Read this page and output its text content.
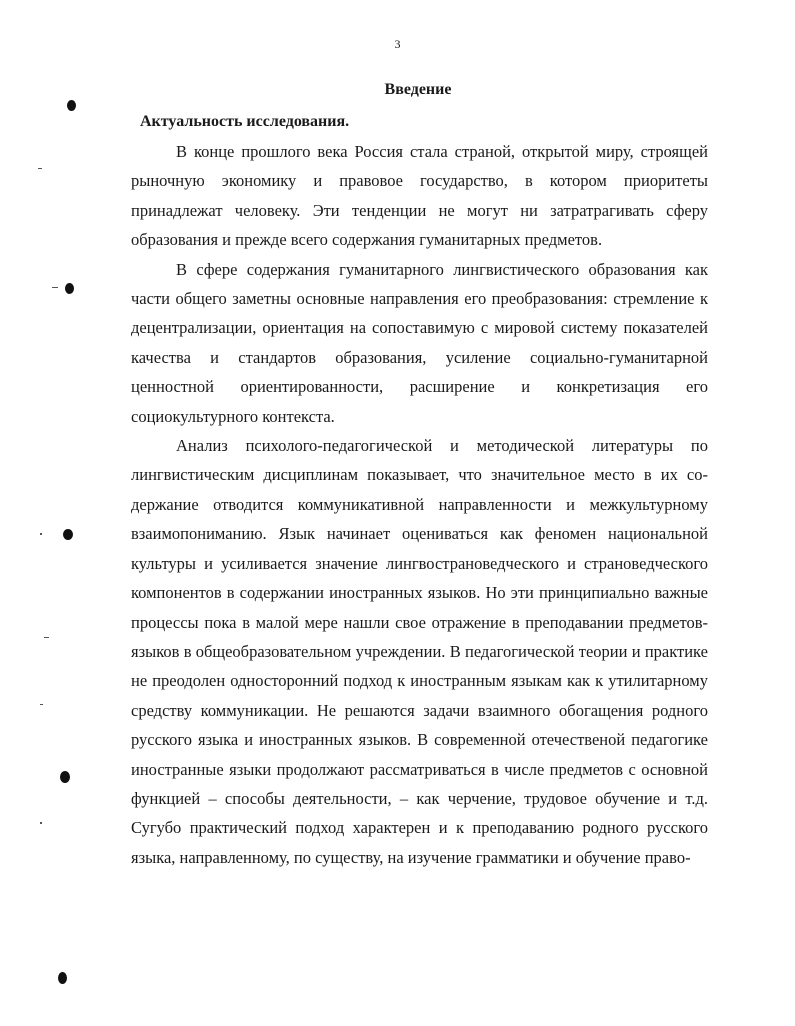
3
Введение
Актуальность исследования.

В конце прошлого века Россия стала страной, открытой миру, строящей рыночную экономику и правовое государство, в котором приоритеты принадлежат человеку. Эти тенденции не могут ни затратрагивать сферу образования и прежде всего содержания гуманитарных предметов.

В сфере содержания гуманитарного лингвистического образования как части общего заметны основные направления его преобразования: стремление к децентрализации, ориентация на сопоставимую с мировой систему показателей качества и стандартов образования, усиление социально-гуманитарной ценностной ориентированности, расширение и конкретизация его социокультурного контекста.

Анализ психолого-педагогической и методической литературы по лингвистическим дисциплинам показывает, что значительное место в их содержание отводится коммуникативной направленности и межкультурному взаимопониманию. Язык начинает оцениваться как феномен национальной культуры и усиливается значение лингвострановедческого и страноведческого компонентов в содержании иностранных языков. Но эти принципиально важные процессы пока в малой мере нашли свое отражение в преподавании предметов-языков в общеобразовательном учреждении. В педагогической теории и практике не преодолен односторонний подход к иностранным языкам как к утилитарному средству коммуникации. Не решаются задачи взаимного обогащения родного русского языка и иностранных языков. В современной отечественой педагогике иностранные языки продолжают рассматриваться в числе предметов с основной функцией – способы деятельности, – как черчение, трудовое обучение и т.д. Сугубо практический подход характерен и к преподаванию родного русского языка, направленному, по существу, на изучение грамматики и обучение право-
